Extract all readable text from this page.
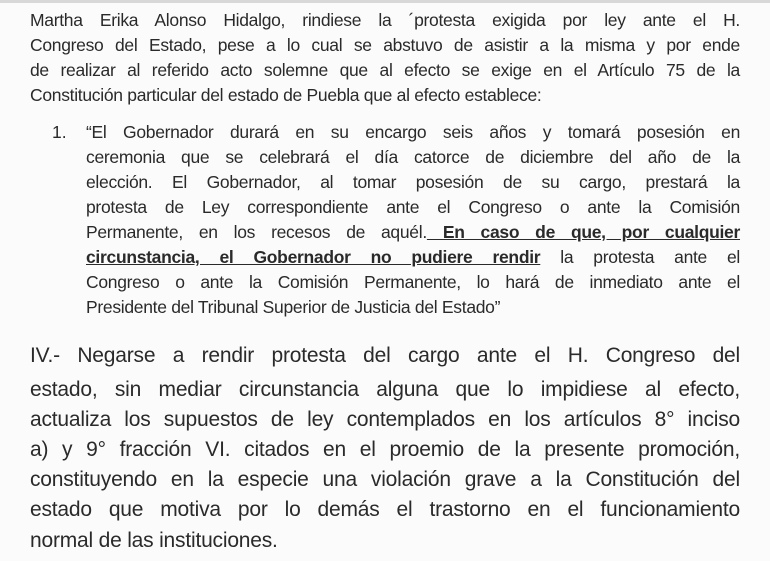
Martha Erika Alonso Hidalgo, rindiese la ´protesta exigida por ley ante el H.
Congreso del Estado, pese a lo cual se abstuvo de asistir a la misma y por ende
de realizar al referido acto solemne que al efecto se exige en el Artículo 75 de la
Constitución particular del estado de Puebla que al efecto establece:
1. “El Gobernador durará en su encargo seis años y tomará posesión en
ceremonia que se celebrará el día catorce de diciembre del año de la
elección. El Gobernador, al tomar posesión de su cargo, prestará la
protesta de Ley correspondiente ante el Congreso o ante la Comisión
Permanente, en los recesos de aquél. En caso de que, por cualquier
circunstancia, el Gobernador no pudiere rendir la protesta ante el
Congreso o ante la Comisión Permanente, lo hará de inmediato ante el
Presidente del Tribunal Superior de Justicia del Estado”
IV.- Negarse a rendir protesta del cargo ante el H. Congreso del
estado, sin mediar circunstancia alguna que lo impidiese al efecto,
actualiza los supuestos de ley contemplados en los artículos 8° inciso
a) y 9° fracción VI. citados en el proemio de la presente promoción,
constituyendo en la especie una violación grave a la Constitución del
estado que motiva por lo demás el trastorno en el funcionamiento
normal de las instituciones.
